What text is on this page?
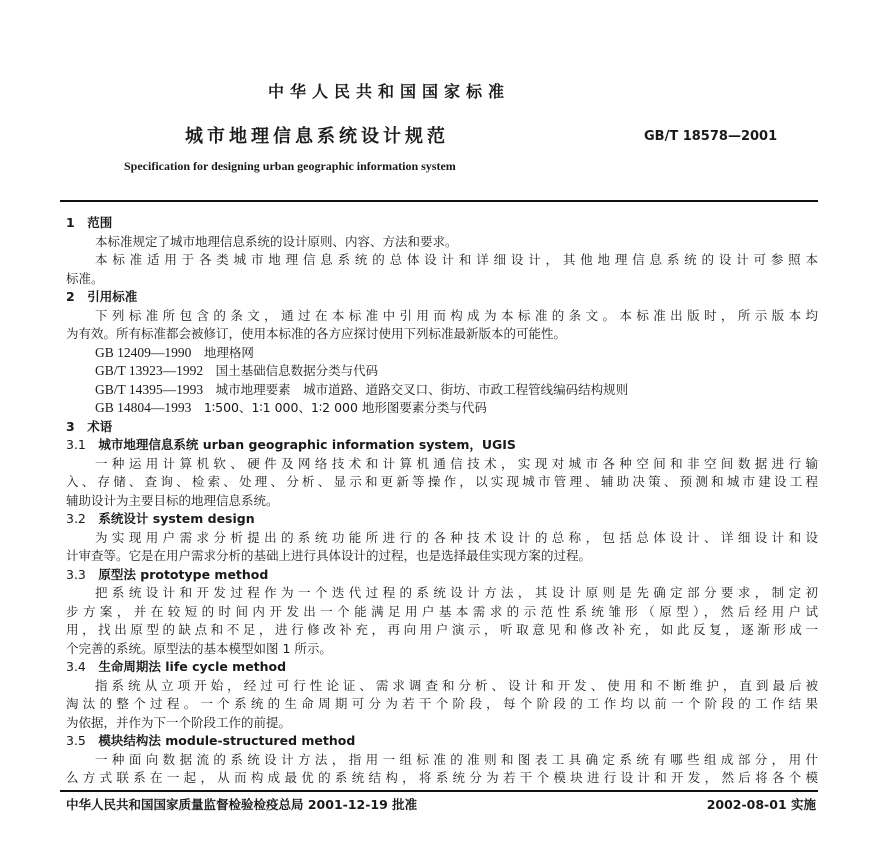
中华人民共和国国家标准
城市地理信息系统设计规范	GB/T 18578—2001
Specification for designing urban geographic information system
1　范围
本标准规定了城市地理信息系统的设计原则、内容、方法和要求。
本标准适用于各类城市地理信息系统的总体设计和详细设计，其他地理信息系统的设计可参照本
标准。
2　引用标准
下列标准所包含的条文，通过在本标准中引用而构成为本标准的条文。本标准出版时，所示版本均
为有效。所有标准都会被修订，使用本标准的各方应探讨使用下列标准最新版本的可能性。
GB 12409—1990　 地理格网
GB/T 13923—1992　 国土基础信息数据分类与代码
GB/T 14395—1993　 城市地理要素　城市道路、道路交叉口、街坊、市政工程管线编码结构规则
GB 14804—1993　 1∶500、1∶1 000、1∶2 000 地形图要素分类与代码
3　术语
3.1　 城市地理信息系统 urban geographic information system，UGIS
一种运用计算机软、硬件及网络技术和计算机通信技术，实现对城市各种空间和非空间数据进行输
入、存储、查询、检索、处理、分析、显示和更新等操作，以实现城市管理、辅助决策、预测和城市建设工程
辅助设计为主要目标的地理信息系统。
3.2　 系统设计 system design
为实现用户需求分析提出的系统功能所进行的各种技术设计的总称，包括总体设计、详细设计和设
计审查等。它是在用户需求分析的基础上进行具体设计的过程，也是选择最佳实现方案的过程。
3.3　 原型法 prototype method
把系统设计和开发过程作为一个迭代过程的系统设计方法，其设计原则是先确定部分要求，制定初
步方案，并在较短的时间内开发出一个能满足用户基本需求的示范性系统雏形（原型），然后经用户试
用，找出原型的缺点和不足，进行修改补充，再向用户演示，听取意见和修改补充，如此反复，逐渐形成一
个完善的系统。原型法的基本模型如图 1 所示。
3.4　 生命周期法 life cycle method
指系统从立项开始，经过可行性论证、需求调查和分析、设计和开发、使用和不断维护，直到最后被
淘汰的整个过程。一个系统的生命周期可分为若干个阶段，每个阶段的工作均以前一个阶段的工作结果
为依据，并作为下一个阶段工作的前提。
3.5　 模块结构法 module-structured method
一种面向数据流的系统设计方法，指用一组标准的准则和图表工具确定系统有哪些组成部分，用什
么方式联系在一起，从而构成最优的系统结构，将系统分为若干个模块进行设计和开发，然后将各个模
中华人民共和国国家质量监督检验检疫总局 2001-12-19 批准	2002-08-01 实施
